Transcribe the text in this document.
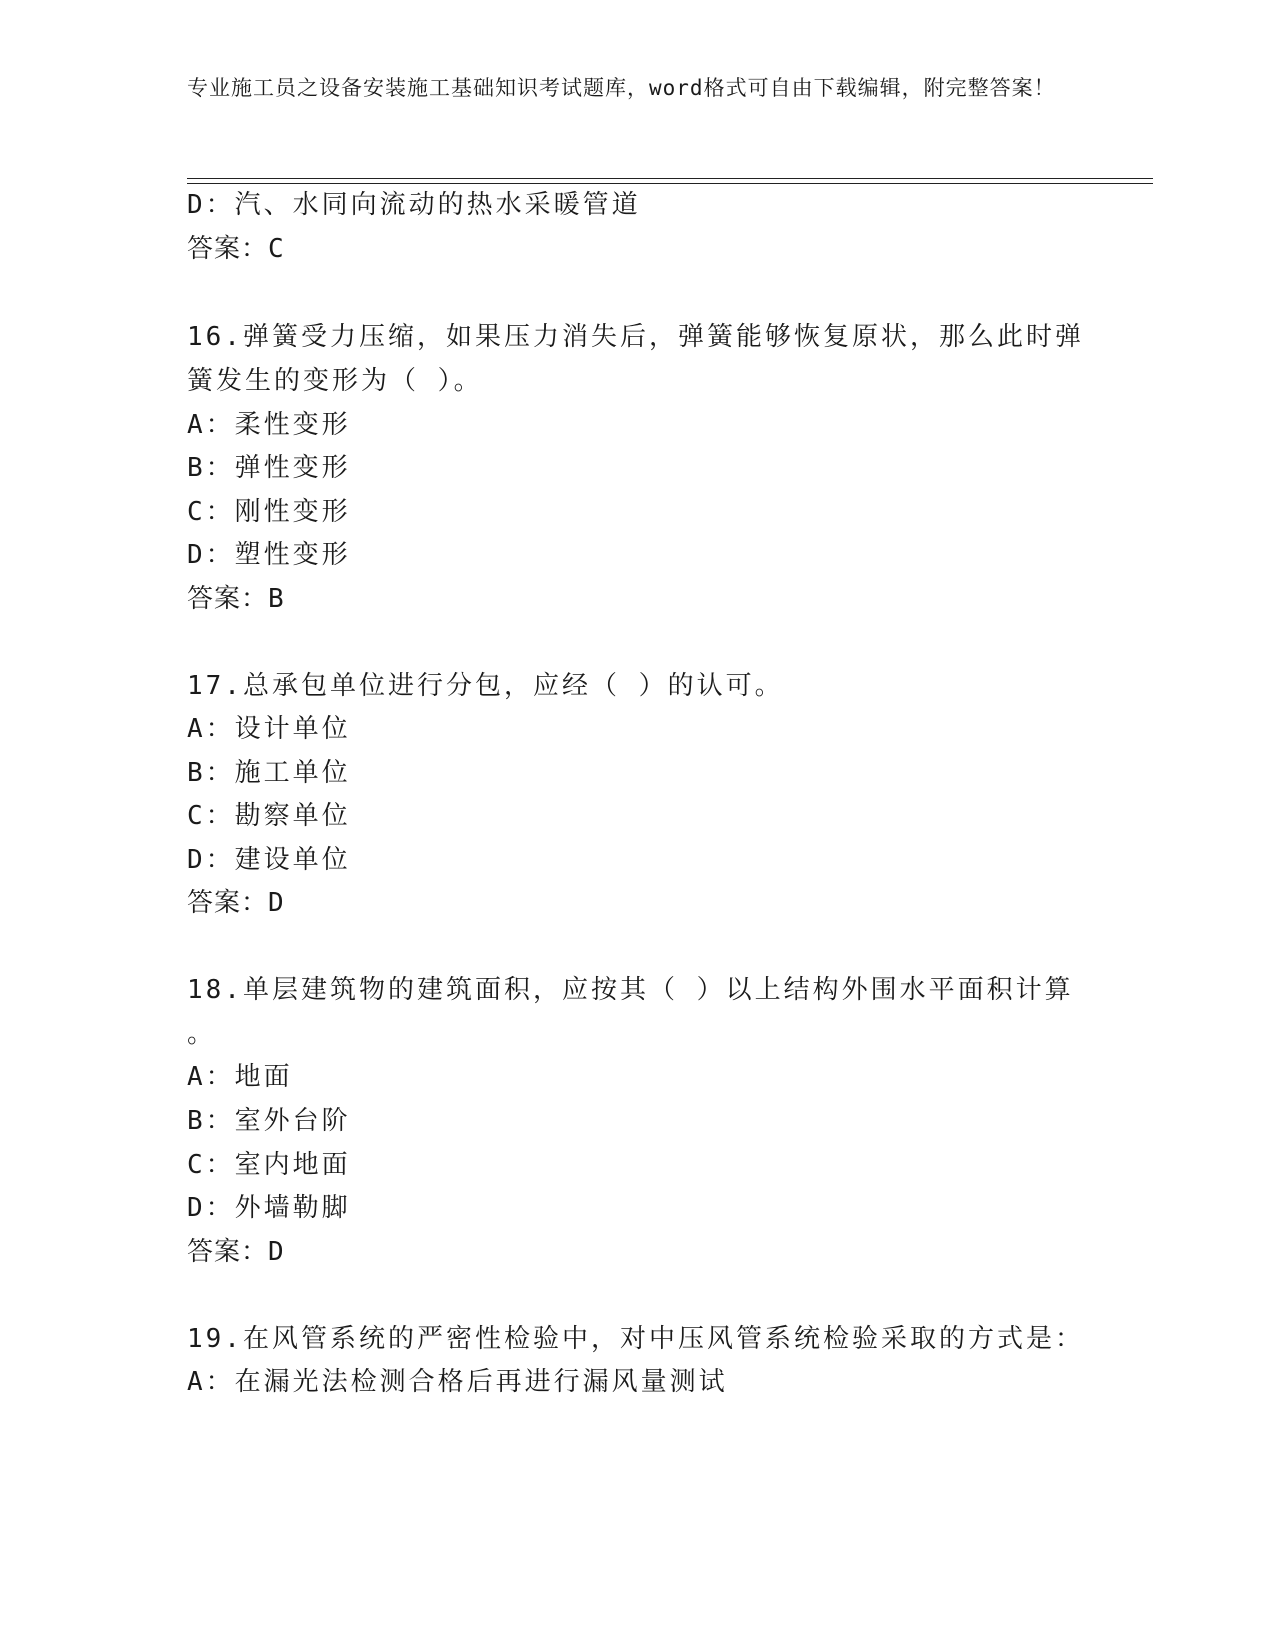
专业施工员之设备安装施工基础知识考试题库，word格式可自由下载编辑，附完整答案！
D：汽、水同向流动的热水采暖管道
答案：C
16.弹簧受力压缩，如果压力消失后，弹簧能够恢复原状，那么此时弹
簧发生的变形为（ ）。
A：柔性变形
B：弹性变形
C：刚性变形
D：塑性变形
答案：B
17.总承包单位进行分包，应经（ ）的认可。
A：设计单位
B：施工单位
C：勘察单位
D：建设单位
答案：D
18.单层建筑物的建筑面积，应按其（ ）以上结构外围水平面积计算
。
A：地面
B：室外台阶
C：室内地面
D：外墙勒脚
答案：D
19.在风管系统的严密性检验中，对中压风管系统检验采取的方式是：
A：在漏光法检测合格后再进行漏风量测试
